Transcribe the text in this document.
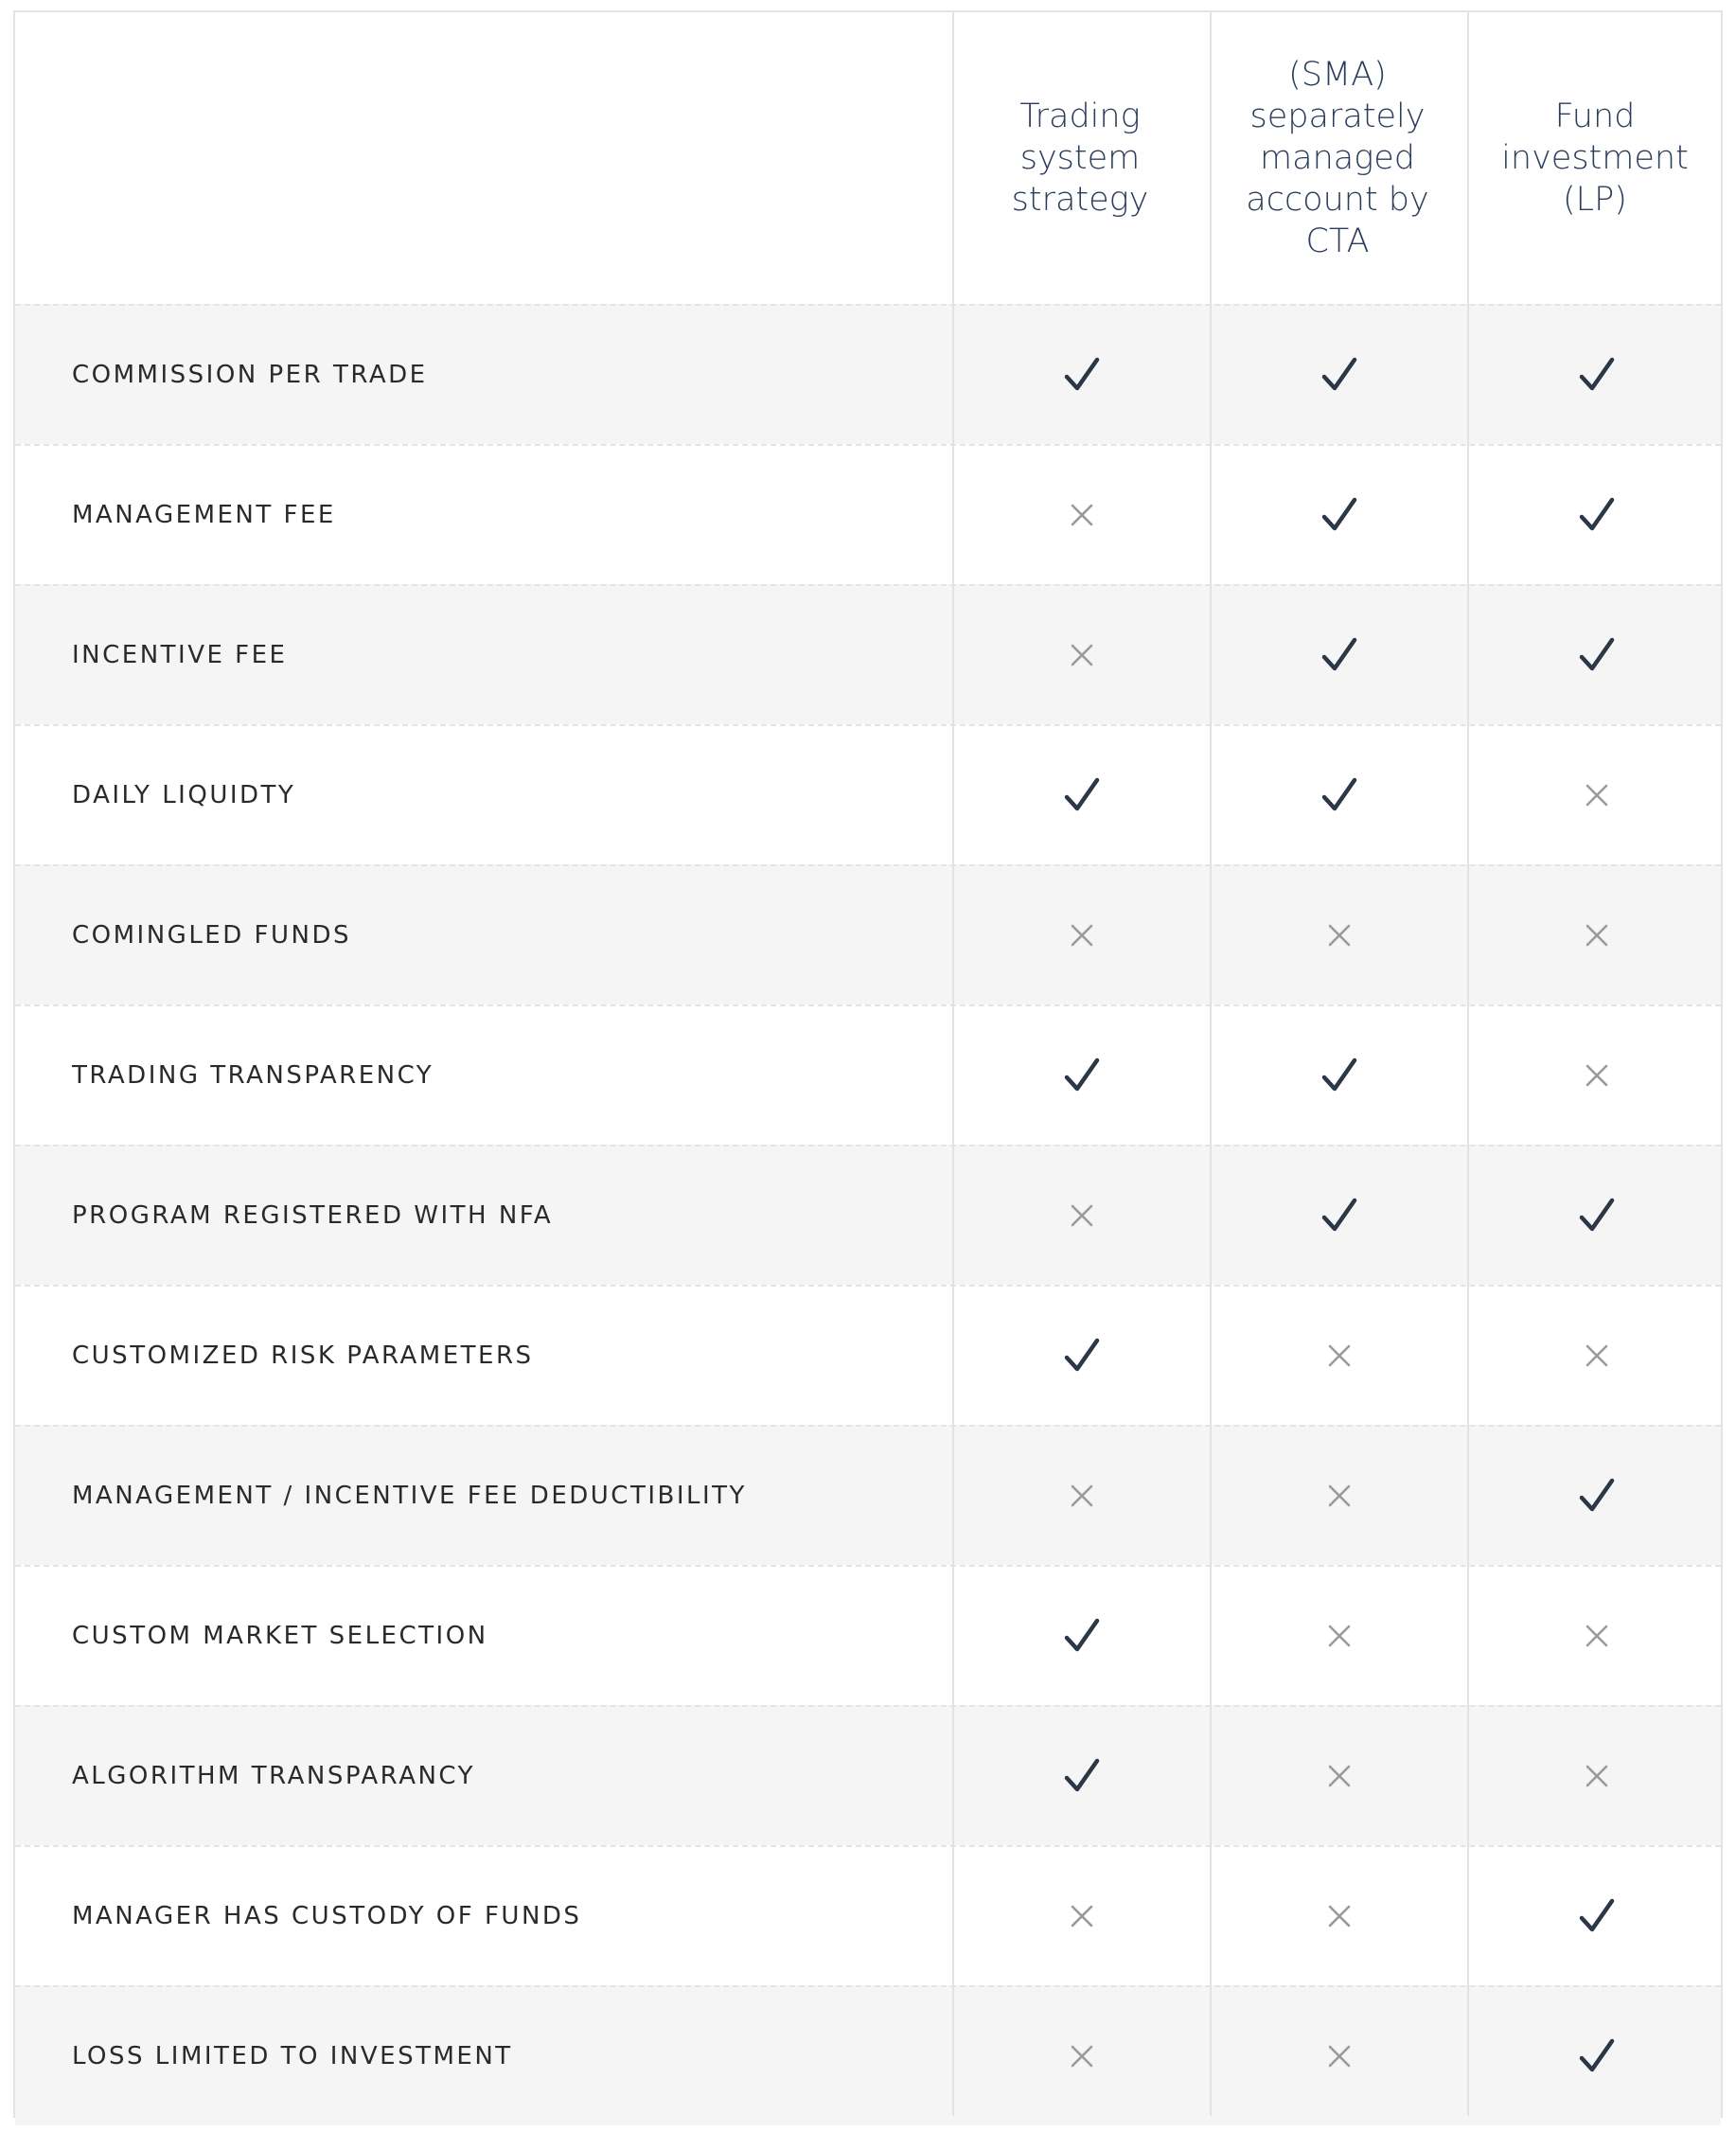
Trading system
strategy
(SMA)
separately
managed
account by CTA
Fund
investment (LP)
COMMISSION PER TRADE
MANAGEMENT FEE
INCENTIVE FEE
DAILY LIQUIDTY
COMINGLED FUNDS
TRADING TRANSPARENCY
PROGRAM REGISTERED WITH NFA
CUSTOMIZED RISK PARAMETERS
MANAGEMENT / INCENTIVE FEE DEDUCTIBILITY
CUSTOM MARKET SELECTION
ALGORITHM TRANSPARANCY
MANAGER HAS CUSTODY OF FUNDS
LOSS LIMITED TO INVESTMENT
